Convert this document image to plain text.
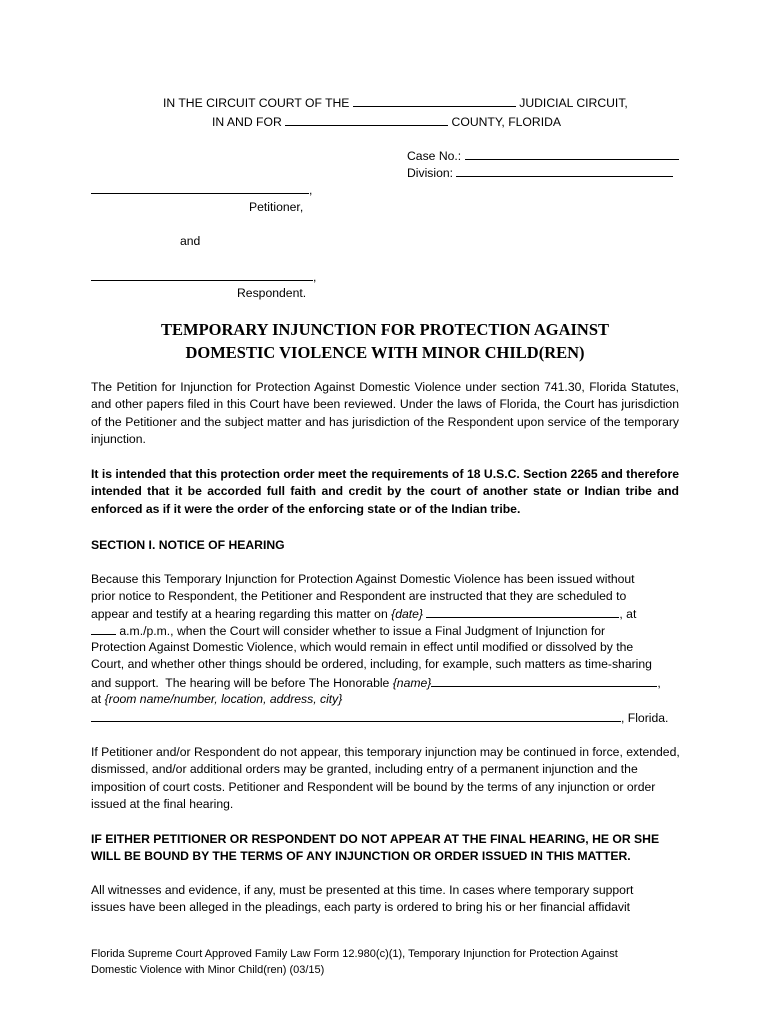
IN THE CIRCUIT COURT OF THE	JUDICIAL CIRCUIT,
IN AND FOR	COUNTY, FLORIDA
Case No.:
Division:
,
Petitioner,
and
,
Respondent.
TEMPORARY INJUNCTION FOR PROTECTION AGAINST
DOMESTIC VIOLENCE WITH MINOR CHILD(REN)
The Petition for Injunction for Protection Against Domestic Violence under section 741.30, Florida Statutes, and other papers filed in this Court have been reviewed. Under the laws of Florida, the Court has jurisdiction of the Petitioner and the subject matter and has jurisdiction of the Respondent upon service of the temporary injunction.
It is intended that this protection order meet the requirements of 18 U.S.C. Section 2265 and therefore intended that it be accorded full faith and credit by the court of another state or Indian tribe and enforced as if it were the order of the enforcing state or of the Indian tribe.
SECTION I. NOTICE OF HEARING
Because this Temporary Injunction for Protection Against Domestic Violence has been issued without
prior notice to Respondent, the Petitioner and Respondent are instructed that they are scheduled to
appear and testify at a hearing regarding this matter on {date}	, at
a.m./p.m., when the Court will consider whether to issue a Final Judgment of Injunction for
Protection Against Domestic Violence, which would remain in effect until modified or dissolved by the
Court, and whether other things should be ordered, including, for example, such matters as time-sharing
and support.  The hearing will be before The Honorable {name}	,
at {room name/number, location, address, city}
, Florida.
If Petitioner and/or Respondent do not appear, this temporary injunction may be continued in force, extended, dismissed, and/or additional orders may be granted, including entry of a permanent injunction and the imposition of court costs. Petitioner and Respondent will be bound by the terms of any injunction or order issued at the final hearing.
IF EITHER PETITIONER OR RESPONDENT DO NOT APPEAR AT THE FINAL HEARING, HE OR SHE WILL BE BOUND BY THE TERMS OF ANY INJUNCTION OR ORDER ISSUED IN THIS MATTER.
All witnesses and evidence, if any, must be presented at this time. In cases where temporary support
issues have been alleged in the pleadings, each party is ordered to bring his or her financial affidavit
Florida Supreme Court Approved Family Law Form 12.980(c)(1), Temporary Injunction for Protection Against
Domestic Violence with Minor Child(ren) (03/15)
